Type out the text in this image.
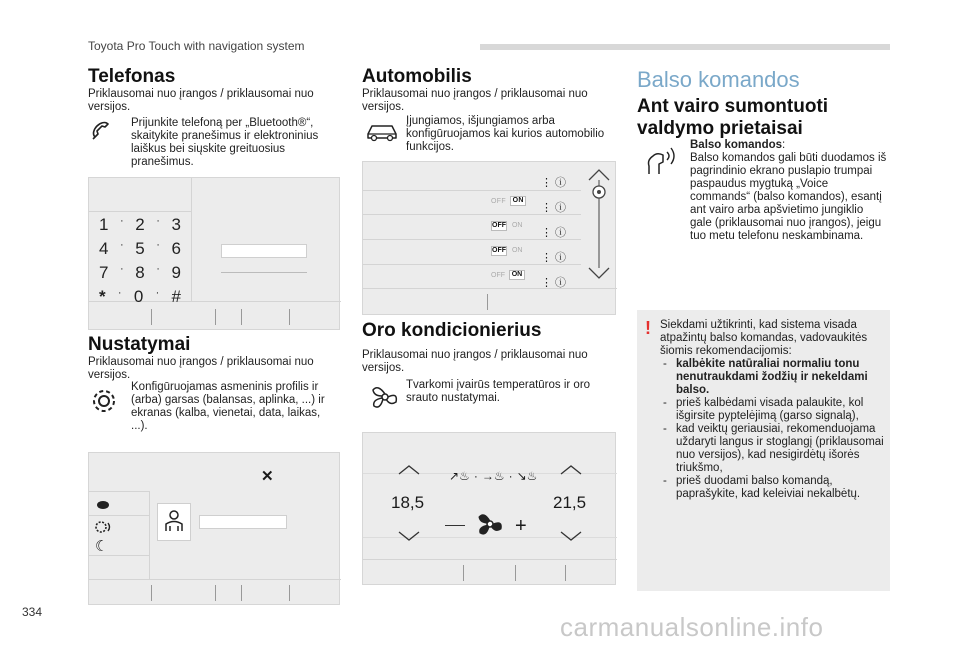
Toyota Pro Touch with navigation system
Telefonas
Priklausomai nuo įrangos / priklausomai nuo versijos.
Prijunkite telefoną per „Bluetooth®“, skaitykite pranešimus ir elektroninius laiškus bei siųskite greituosius pranešimus.
1 · 2 · 3
4 · 5 · 6
7 · 8 · 9
* · 0 · #
Nustatymai
Priklausomai nuo įrangos / priklausomai nuo versijos.
Konfigūruojamas asmeninis profilis ir (arba) garsas (balansas, aplinka, ...) ir ekranas (kalba, vienetai, data, laikas, ...).
✕
☾
Automobilis
Priklausomai nuo įrangos / priklausomai nuo versijos.
Įjungiamos, išjungiamos arba konfigūruojamos kai kurios automobilio funkcijos.
OFF ON
OFF ON
OFF ON
OFF ON
⋮ ⓘ
⋮ ⓘ
⋮ ⓘ
⋮ ⓘ
⋮ ⓘ
Oro kondicionierius
Priklausomai nuo įrangos / priklausomai nuo versijos.
Tvarkomi įvairūs temperatūros ir oro srauto nustatymai.
18,5	21,5
↗♨ · →♨ · ↘♨
+
Balso komandos
Ant vairo sumontuoti
valdymo prietaisai
Balso komandos:
Balso komandos gali būti duodamos iš pagrindinio ekrano puslapio trumpai paspaudus mygtuką „Voice commands“ (balso komandos), esantį ant vairo arba apšvietimo jungiklio gale (priklausomai nuo įrangos), jeigu tuo metu telefonu neskambinama.
! Siekdami užtikrinti, kad sistema visada atpažintų balso komandas, vadovaukitės šiomis rekomendacijomis:
- kalbėkite natūraliai normaliu tonu nenutraukdami žodžių ir nekeldami balso.
- prieš kalbėdami visada palaukite, kol išgirsite pyptelėjimą (garso signalą),
- kad veiktų geriausiai, rekomenduojama uždaryti langus ir stoglangį (priklausomai nuo versijos), kad nesigirdėtų išorės triukšmo,
- prieš duodami balso komandą, paprašykite, kad keleiviai nekalbėtų.
334	carmanualsonline.info
